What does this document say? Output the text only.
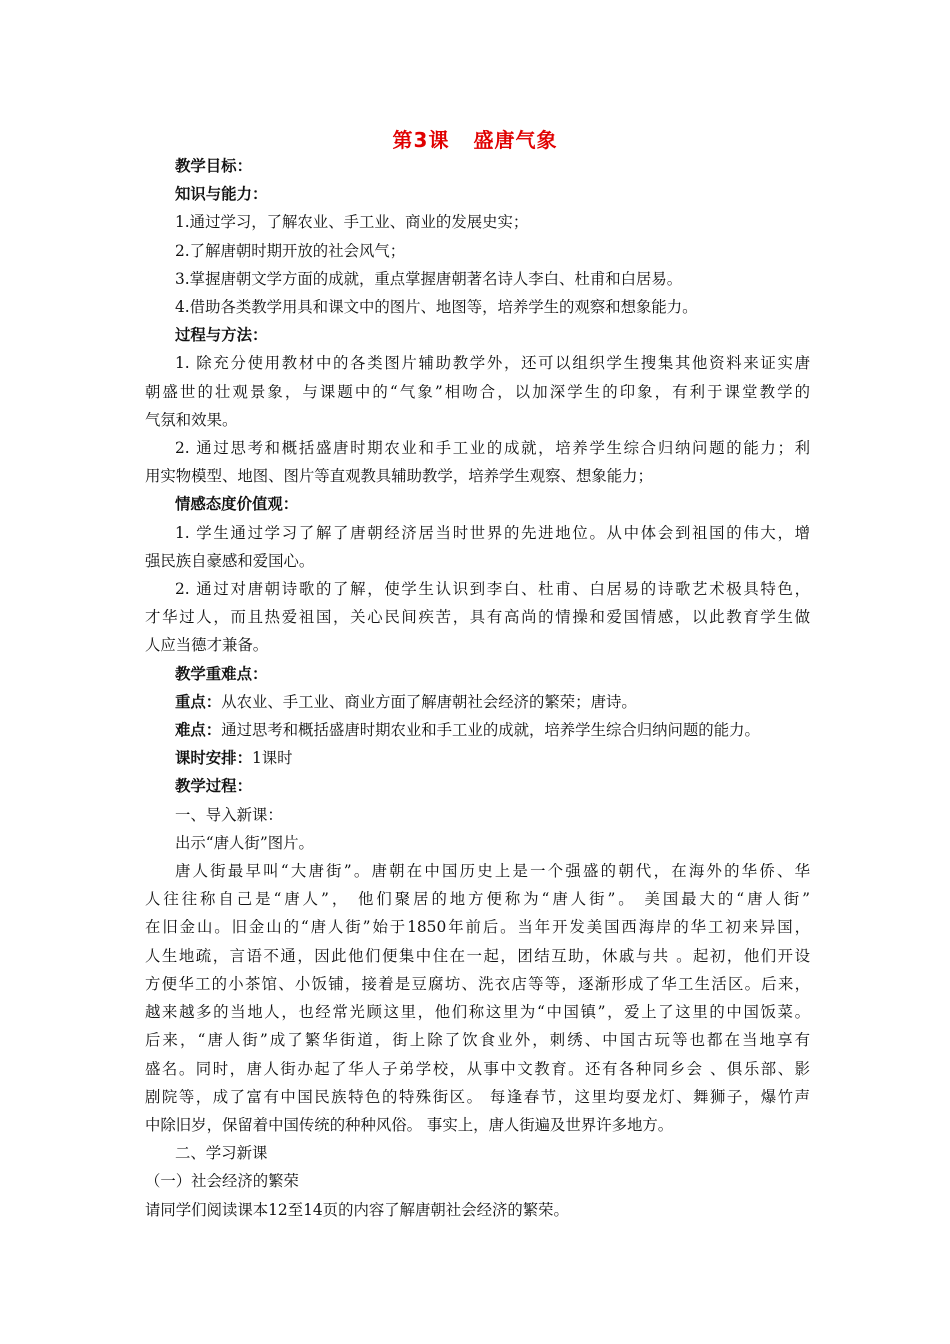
第3课 盛唐气象
教学目标：
知识与能力：
1.通过学习，了解农业、手工业、商业的发展史实；
2.了解唐朝时期开放的社会风气；
3.掌握唐朝文学方面的成就，重点掌握唐朝著名诗人李白、杜甫和白居易。
4.借助各类教学用具和课文中的图片、地图等，培养学生的观察和想象能力。
过程与方法：
1. 除充分使用教材中的各类图片辅助教学外，还可以组织学生搜集其他资料来证实唐
朝盛世的壮观景象，与课题中的“气象”相吻合，以加深学生的印象，有利于课堂教学的
气氛和效果。
2. 通过思考和概括盛唐时期农业和手工业的成就，培养学生综合归纳问题的能力；利
用实物模型、地图、图片等直观教具辅助教学，培养学生观察、想象能力；
情感态度价值观：
1. 学生通过学习了解了唐朝经济居当时世界的先进地位。从中体会到祖国的伟大，增
强民族自豪感和爱国心。
2. 通过对唐朝诗歌的了解，使学生认识到李白、杜甫、白居易的诗歌艺术极具特色，
才华过人，而且热爱祖国，关心民间疾苦，具有高尚的情操和爱国情感，以此教育学生做
人应当德才兼备。
教学重难点：
重点：从农业、手工业、商业方面了解唐朝社会经济的繁荣；唐诗。
难点：通过思考和概括盛唐时期农业和手工业的成就，培养学生综合归纳问题的能力。
课时安排：1课时
教学过程：
一、导入新课：
出示“唐人街”图片。
唐人街最早叫“大唐街”。唐朝在中国历史上是一个强盛的朝代，在海外的华侨、华
人往往称自己是“唐人”， 他们聚居的地方便称为“唐人街”。 美国最大的“唐人街”
在旧金山。旧金山的“唐人街”始于1850年前后。当年开发美国西海岸的华工初来异国，
人生地疏，言语不通，因此他们便集中住在一起，团结互助，休戚与共 。起初，他们开设
方便华工的小茶馆、小饭铺，接着是豆腐坊、洗衣店等等，逐渐形成了华工生活区。后来，
越来越多的当地人，也经常光顾这里，他们称这里为“中国镇”，爱上了这里的中国饭菜。
后来，“唐人街”成了繁华街道，街上除了饮食业外，刺绣、中国古玩等也都在当地享有
盛名。同时，唐人街办起了华人子弟学校，从事中文教育。还有各种同乡会 、俱乐部、影
剧院等，成了富有中国民族特色的特殊街区。 每逢春节，这里均耍龙灯、舞狮子，爆竹声
中除旧岁，保留着中国传统的种种风俗。 事实上，唐人街遍及世界许多地方。
二、学习新课
（一）社会经济的繁荣
请同学们阅读课本12至14页的内容了解唐朝社会经济的繁荣。
